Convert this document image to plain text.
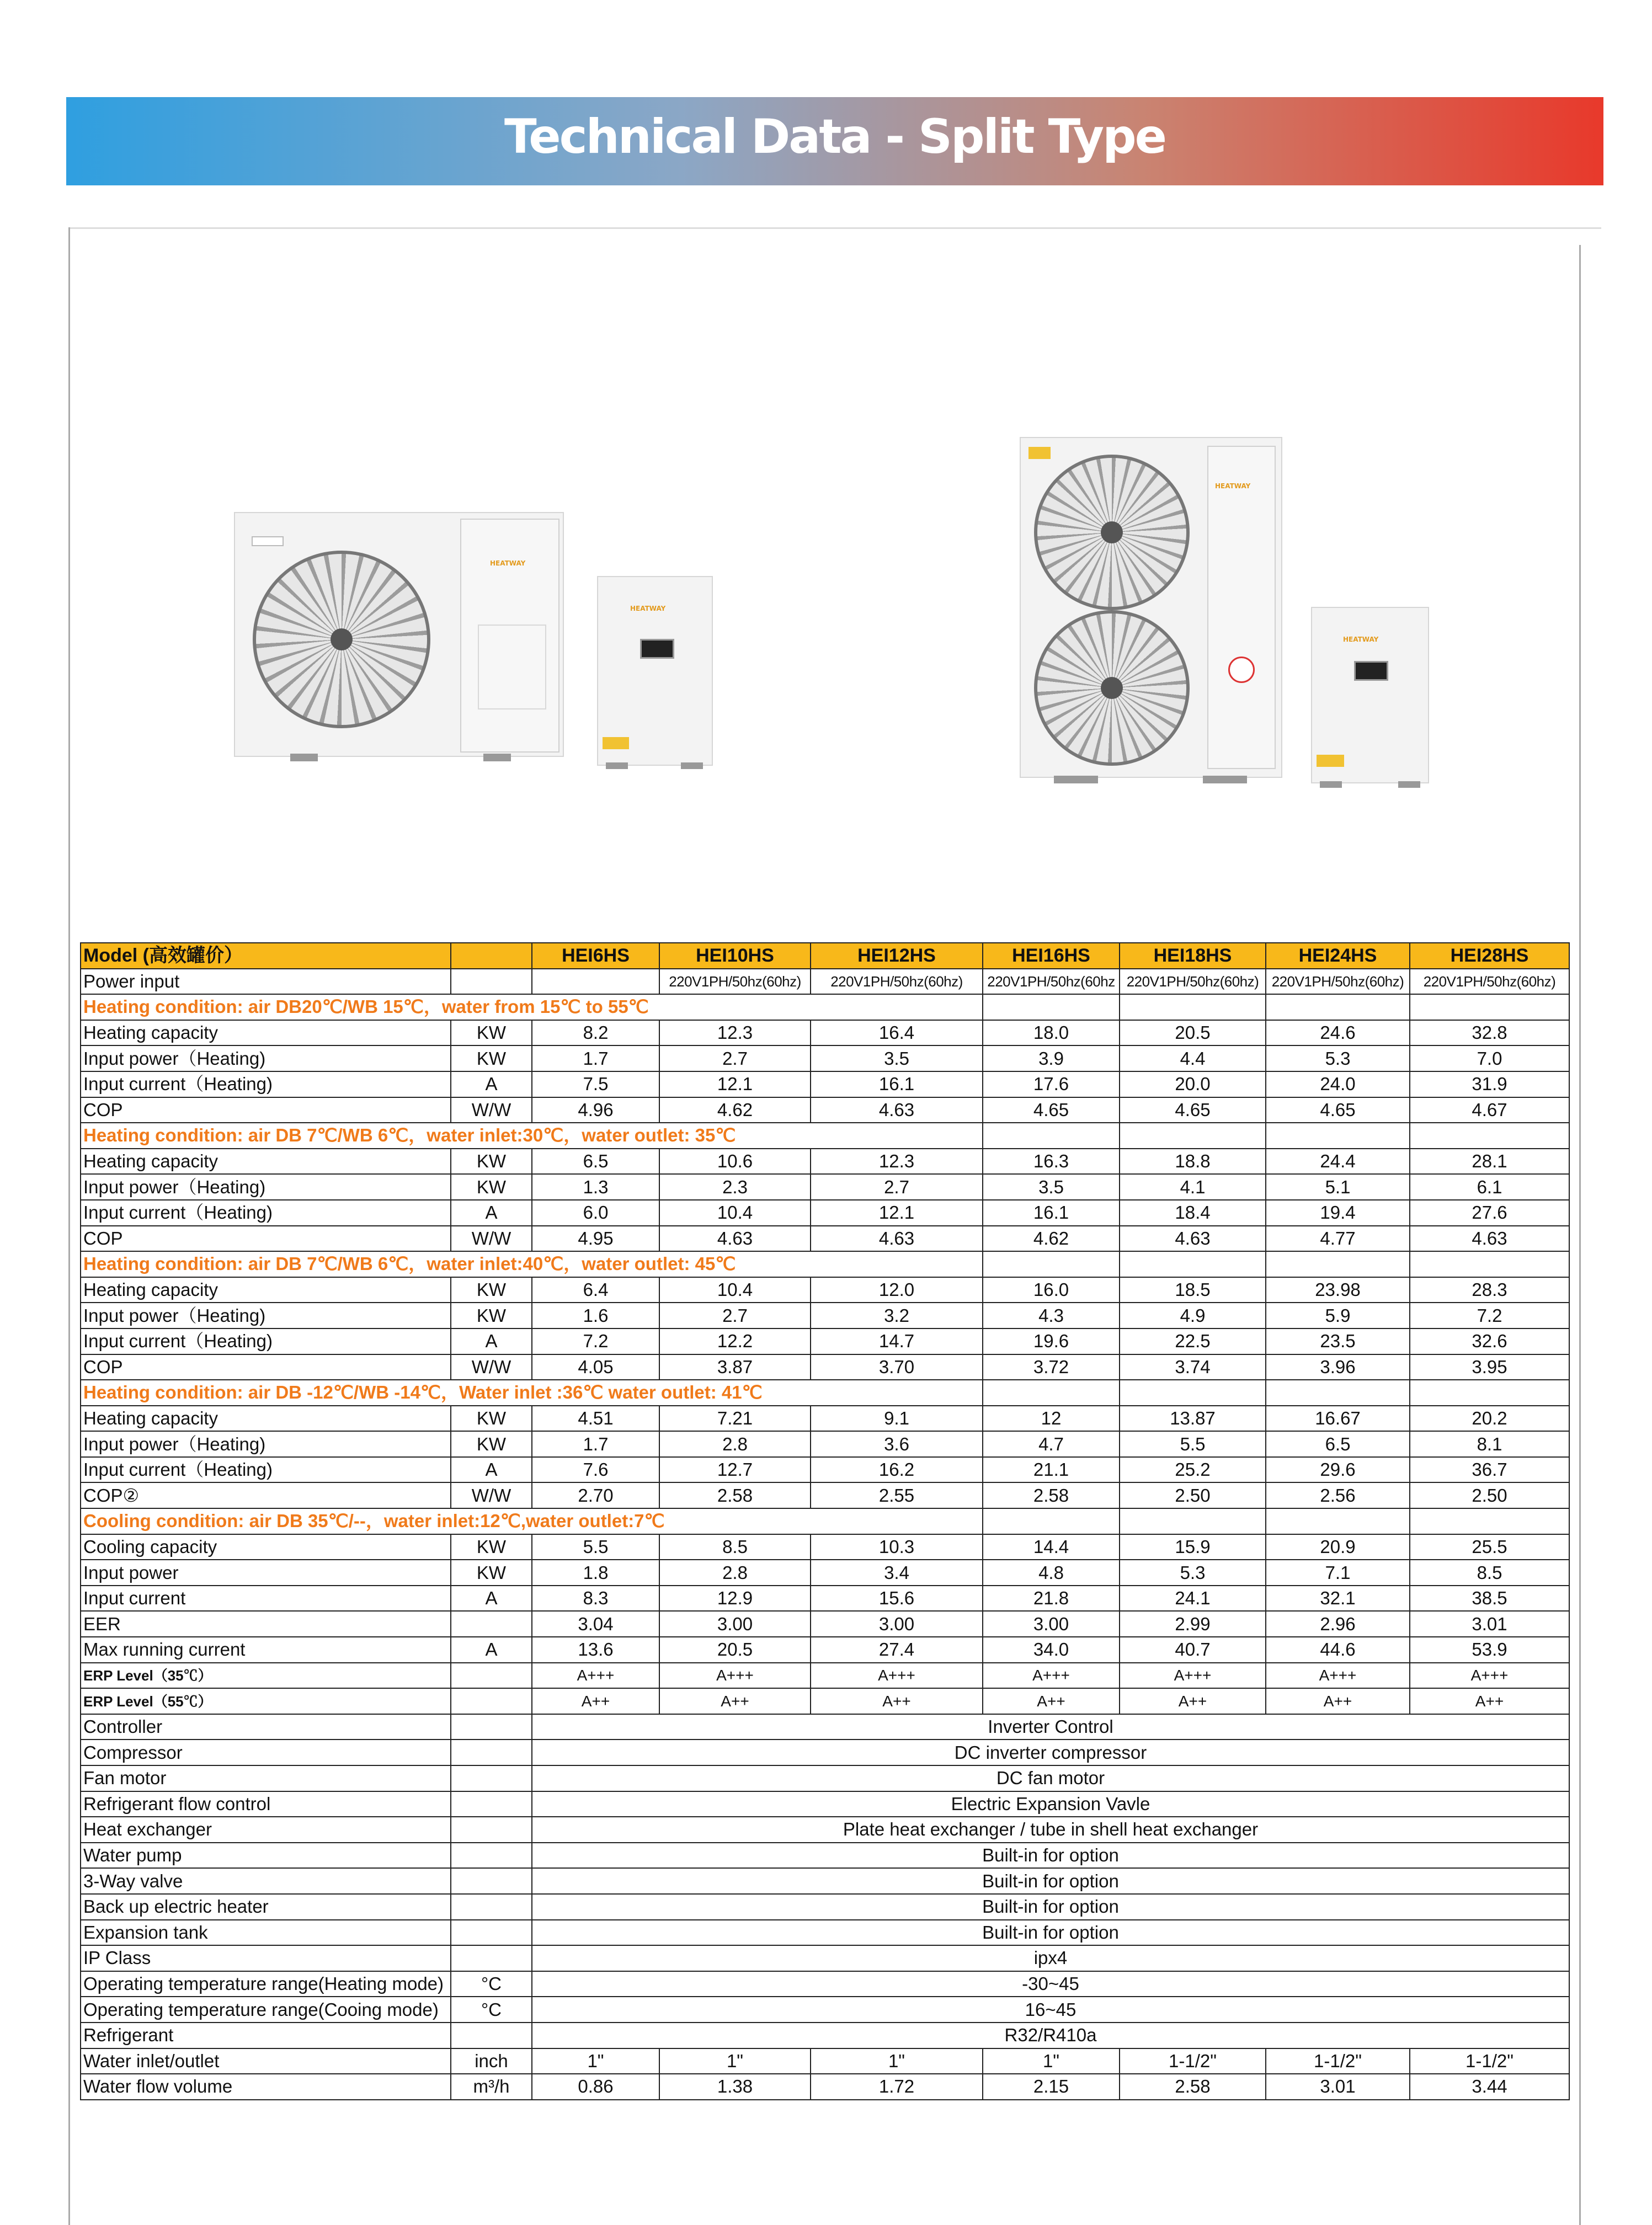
Technical Data - Split Type
HEATWAY
HEATWAY
HEATWAY
HEATWAY
Model (高效罐价）		HEI6HS	HEI10HS	HEI12HS	HEI16HS	HEI18HS	HEI24HS	HEI28HS
Power input			220V1PH/50hz(60hz)	220V1PH/50hz(60hz)	220V1PH/50hz(60hz	220V1PH/50hz(60hz)	220V1PH/50hz(60hz)	220V1PH/50hz(60hz)
Heating condition: air DB20℃/WB 15℃，water from 15℃ to 55℃								
Heating capacity	KW	8.2	12.3	16.4	18.0	20.5	24.6	32.8
Input power（Heating)	KW	1.7	2.7	3.5	3.9	4.4	5.3	7.0
Input current（Heating)	A	7.5	12.1	16.1	17.6	20.0	24.0	31.9
COP	W/W	4.96	4.62	4.63	4.65	4.65	4.65	4.67
Heating condition: air DB 7℃/WB 6℃，water inlet:30℃，water outlet: 35℃								
Heating capacity	KW	6.5	10.6	12.3	16.3	18.8	24.4	28.1
Input power（Heating)	KW	1.3	2.3	2.7	3.5	4.1	5.1	6.1
Input current（Heating)	A	6.0	10.4	12.1	16.1	18.4	19.4	27.6
COP	W/W	4.95	4.63	4.63	4.62	4.63	4.77	4.63
Heating condition: air DB 7℃/WB 6℃，water inlet:40℃，water outlet: 45℃								
Heating capacity	KW	6.4	10.4	12.0	16.0	18.5	23.98	28.3
Input power（Heating)	KW	1.6	2.7	3.2	4.3	4.9	5.9	7.2
Input current（Heating)	A	7.2	12.2	14.7	19.6	22.5	23.5	32.6
COP	W/W	4.05	3.87	3.70	3.72	3.74	3.96	3.95
Heating condition: air DB -12℃/WB -14℃，Water inlet :36℃ water outlet: 41℃								
Heating capacity	KW	4.51	7.21	9.1	12	13.87	16.67	20.2
Input power（Heating)	KW	1.7	2.8	3.6	4.7	5.5	6.5	8.1
Input current（Heating)	A	7.6	12.7	16.2	21.1	25.2	29.6	36.7
COP②	W/W	2.70	2.58	2.55	2.58	2.50	2.56	2.50
Cooling condition: air DB 35℃/--，water inlet:12℃,water outlet:7℃								
Cooling capacity	KW	5.5	8.5	10.3	14.4	15.9	20.9	25.5
Input power	KW	1.8	2.8	3.4	4.8	5.3	7.1	8.5
Input current	A	8.3	12.9	15.6	21.8	24.1	32.1	38.5
EER		3.04	3.00	3.00	3.00	2.99	2.96	3.01
Max running current	A	13.6	20.5	27.4	34.0	40.7	44.6	53.9
ERP Level（35℃）		A+++	A+++	A+++	A+++	A+++	A+++	A+++
ERP Level（55℃）		A++	A++	A++	A++	A++	A++	A++
Controller		Inverter Control						
Compressor		DC inverter compressor						
Fan motor		DC fan motor						
Refrigerant flow control		Electric Expansion Vavle						
Heat exchanger		Plate heat exchanger / tube in shell heat exchanger						
Water pump		Built-in for option						
3-Way valve		Built-in for option						
Back up electric heater		Built-in for option						
Expansion tank		Built-in for option						
IP Class		ipx4						
Operating temperature range(Heating mode)	°C	-30~45						
Operating temperature range(Cooing mode)	°C	16~45						
Refrigerant		R32/R410a						
Water inlet/outlet	inch	1"	1"	1"	1"	1-1/2"	1-1/2"	1-1/2"
Water flow volume	m³/h	0.86	1.38	1.72	2.15	2.58	3.01	3.44
